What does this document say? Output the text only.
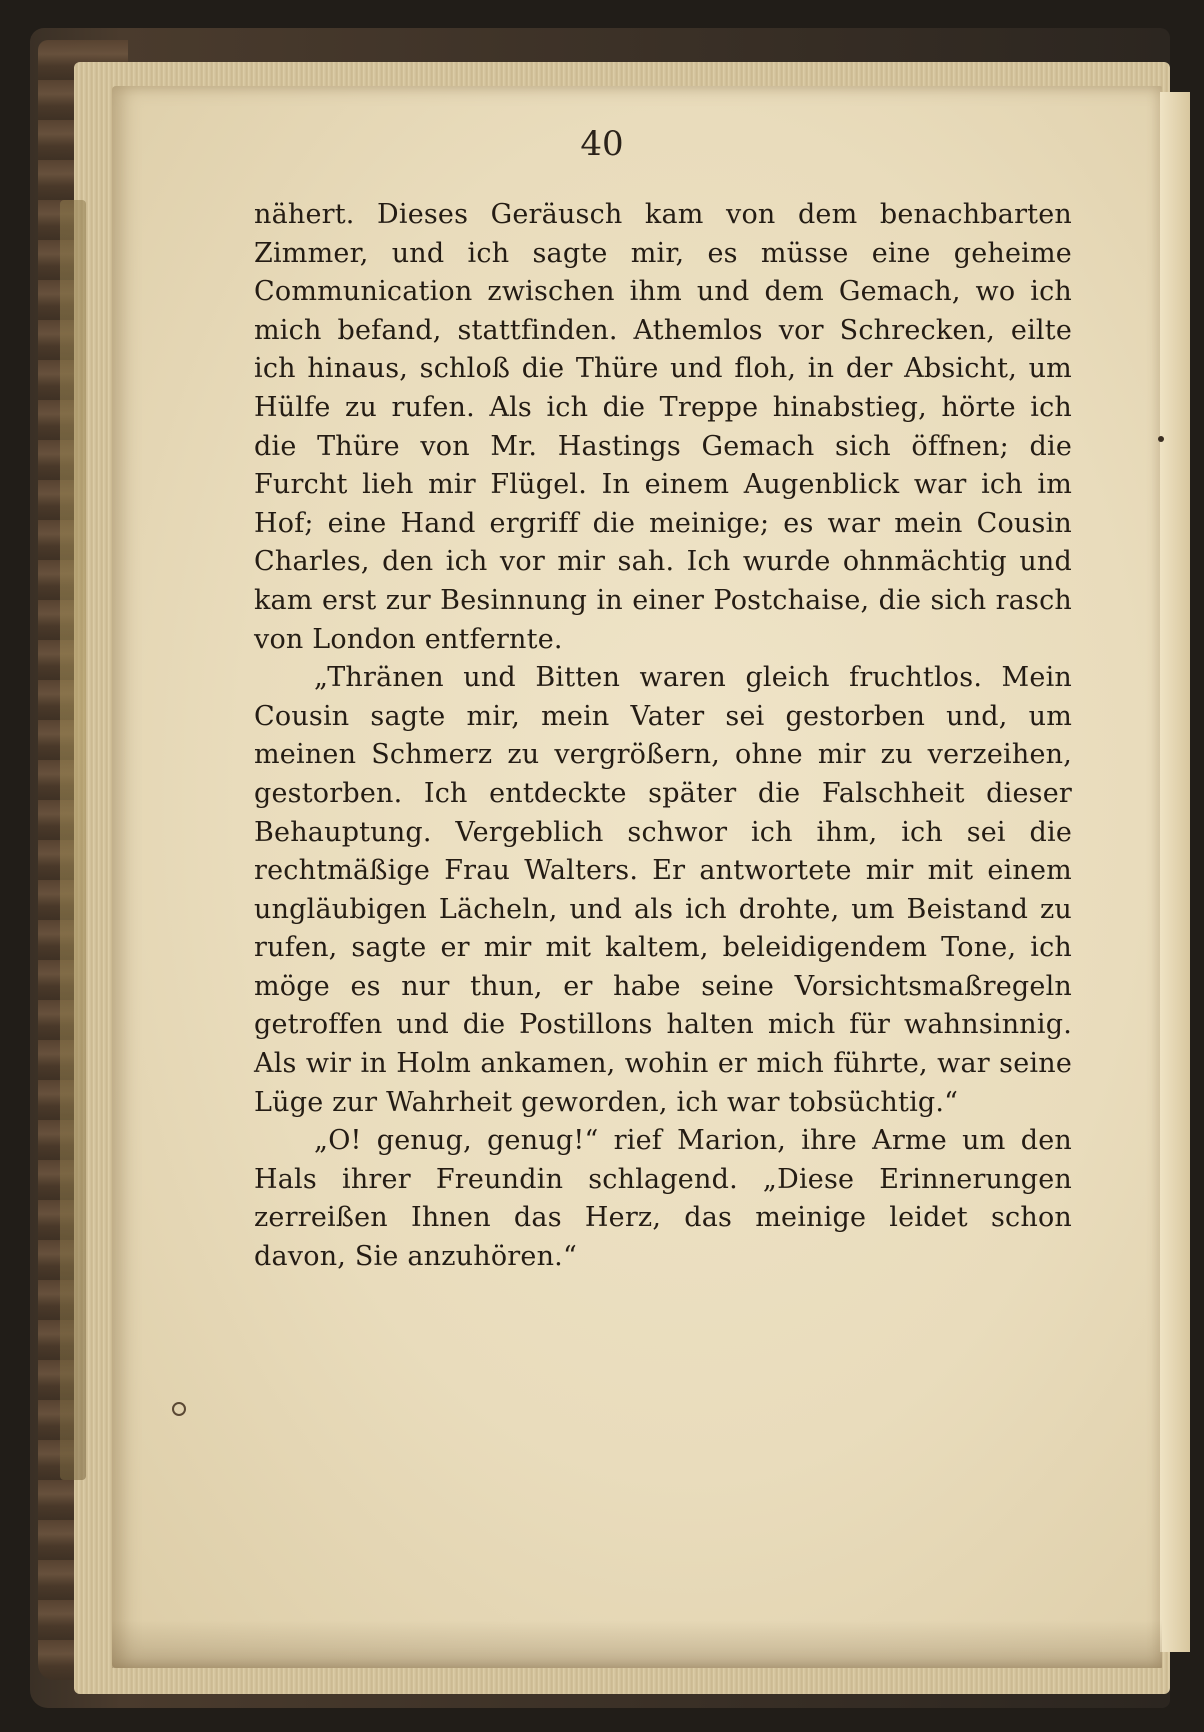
40

nähert. Dieses Geräusch kam von dem benachbarten Zimmer, und ich sagte mir, es müsse eine geheime Communication zwischen ihm und dem Gemach, wo ich mich befand, stattfinden. Athemlos vor Schrecken, eilte ich hinaus, schloß die Thüre und floh, in der Absicht, um Hülfe zu rufen. Als ich die Treppe hinabstieg, hörte ich die Thüre von Mr. Hastings Gemach sich öffnen; die Furcht lieh mir Flügel. In einem Augenblick war ich im Hof; eine Hand ergriff die meinige; es war mein Cousin Charles, den ich vor mir sah. Ich wurde ohnmächtig und kam erst zur Besinnung in einer Postchaise, die sich rasch von London entfernte.

„Thränen und Bitten waren gleich fruchtlos. Mein Cousin sagte mir, mein Vater sei gestorben und, um meinen Schmerz zu vergrößern, ohne mir zu verzeihen, gestorben. Ich entdeckte später die Falschheit dieser Behauptung. Vergeblich schwor ich ihm, ich sei die rechtmäßige Frau Walters. Er antwortete mir mit einem ungläubigen Lächeln, und als ich drohte, um Beistand zu rufen, sagte er mir mit kaltem, beleidigendem Tone, ich möge es nur thun, er habe seine Vorsichtsmaßregeln getroffen und die Postillons halten mich für wahnsinnig. Als wir in Holm ankamen, wohin er mich führte, war seine Lüge zur Wahrheit geworden, ich war tobsüchtig.“

„O! genug, genug!“ rief Marion, ihre Arme um den Hals ihrer Freundin schlagend. „Diese Erinnerungen zerreißen Ihnen das Herz, das meinige leidet schon davon, Sie anzuhören.“
